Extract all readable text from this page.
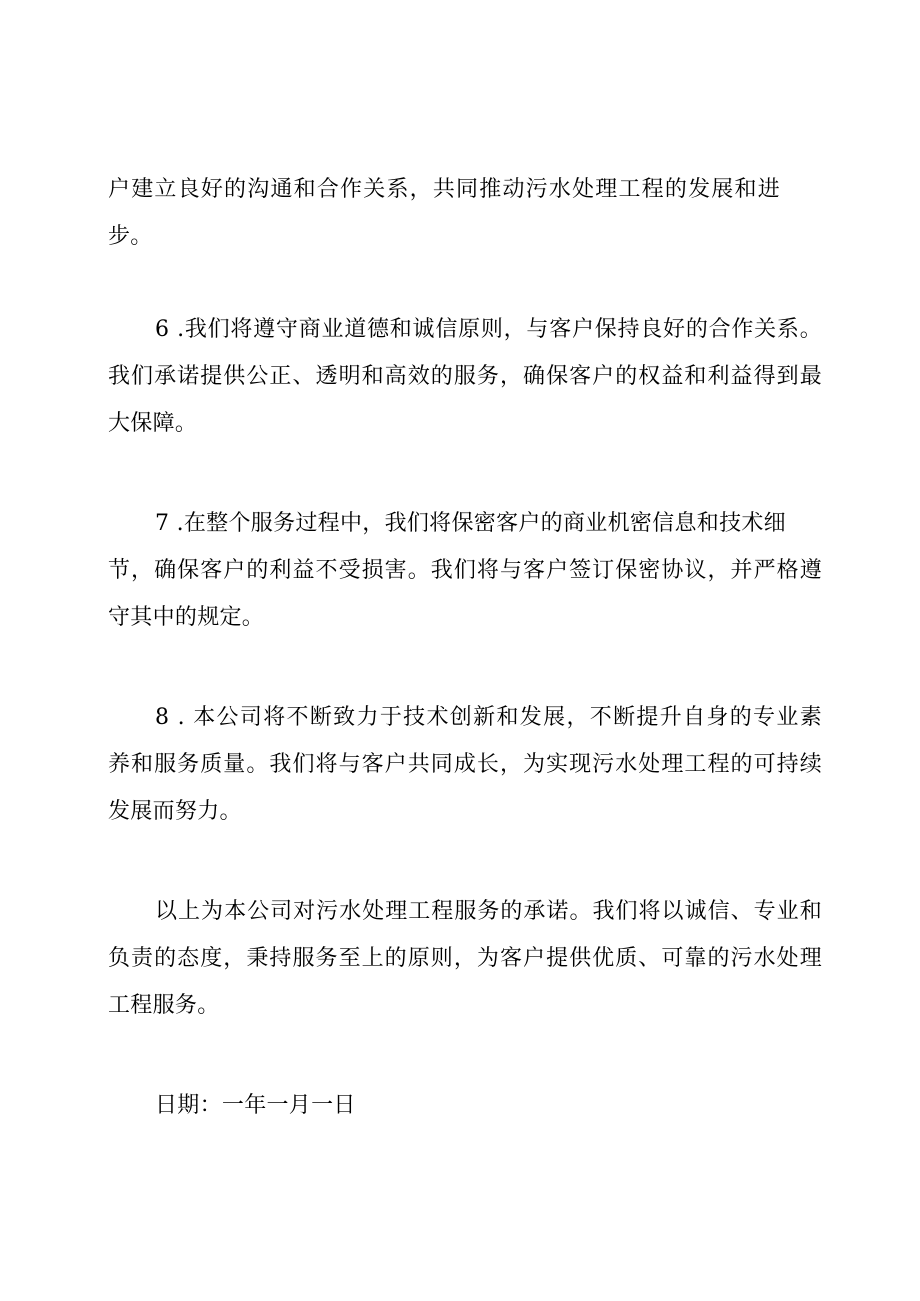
户建立良好的沟通和合作关系，共同推动污水处理工程的发展和进
步。
6 .我们将遵守商业道德和诚信原则，与客户保持良好的合作关系。
我们承诺提供公正、透明和高效的服务，确保客户的权益和利益得到最
大保障。
7 .在整个服务过程中，我们将保密客户的商业机密信息和技术细
节，确保客户的利益不受损害。我们将与客户签订保密协议，并严格遵
守其中的规定。
8 . 本公司将不断致力于技术创新和发展，不断提升自身的专业素
养和服务质量。我们将与客户共同成长，为实现污水处理工程的可持续
发展而努力。
以上为本公司对污水处理工程服务的承诺。我们将以诚信、专业和
负责的态度，秉持服务至上的原则，为客户提供优质、可靠的污水处理
工程服务。
日期：一年一月一日
